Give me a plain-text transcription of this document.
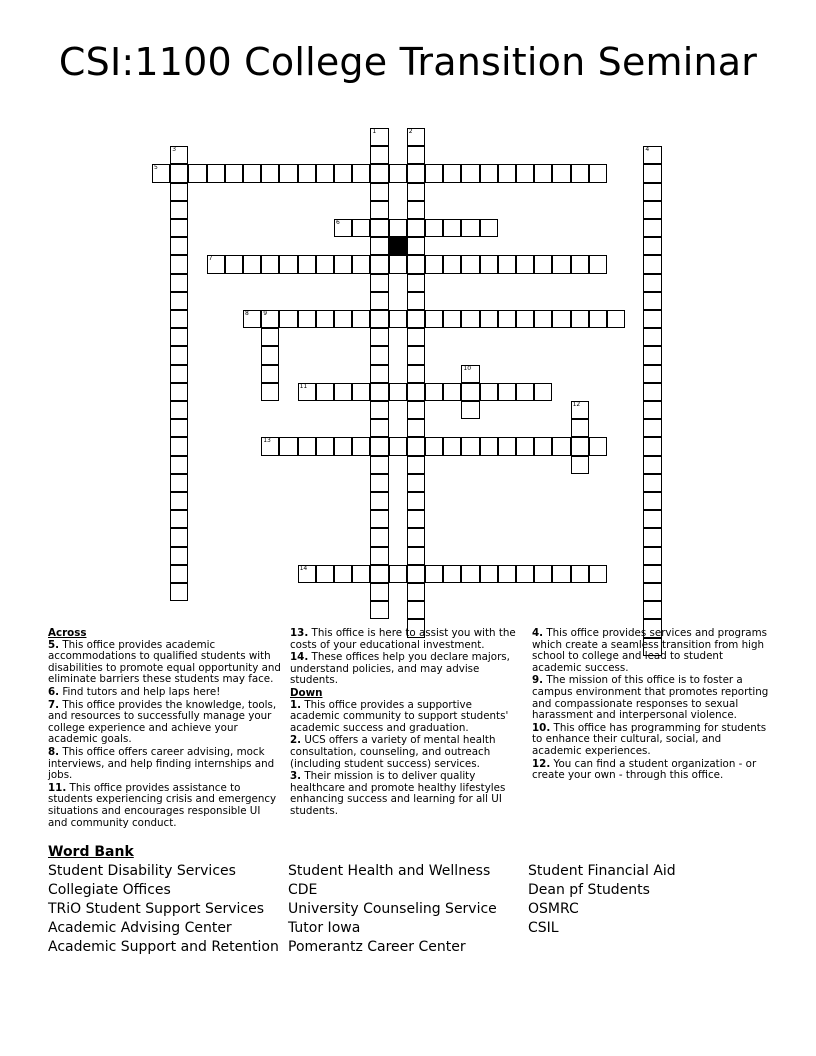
CSI:1100 College Transition Seminar
1	2
3	4
5
6
7
8 9
10
11
12
13
14

Across

5. This office provides academic accommodations to qualified students with disabilities to promote equal opportunity and eliminate barriers these students may face.

6. Find tutors and help laps here!

7. This office provides the knowledge, tools, and resources to successfully manage your college experience and achieve your academic goals.

8. This office offers career advising, mock interviews, and help finding internships and jobs.

11. This office provides assistance to students experiencing crisis and emergency situations and encourages responsible UI and community conduct.

13. This office is here to assist you with the costs of your educational investment.

14. These offices help you declare majors, understand policies, and may advise students.

Down

1. This office provides a supportive academic community to support students' academic success and graduation.

2. UCS offers a variety of mental health consultation, counseling, and outreach (including student success) services.

3. Their mission is to deliver quality healthcare and promote healthy lifestyles enhancing success and learning for all UI students.

4. This office provides services and programs which create a seamless transition from high school to college and lead to student academic success.

9. The mission of this office is to foster a campus environment that promotes reporting and compassionate responses to sexual harassment and interpersonal violence.

10. This office has programming for students to enhance their cultural, social, and academic experiences.

12. You can find a student organization - or create your own - through this office.

Word Bank
Student Disability Services
Collegiate Offices
TRiO Student Support Services
Academic Advising Center
Academic Support and Retention
Student Health and Wellness
CDE
University Counseling Service
Tutor Iowa
Pomerantz Career Center
Student Financial Aid
Dean pf Students
OSMRC
CSIL
